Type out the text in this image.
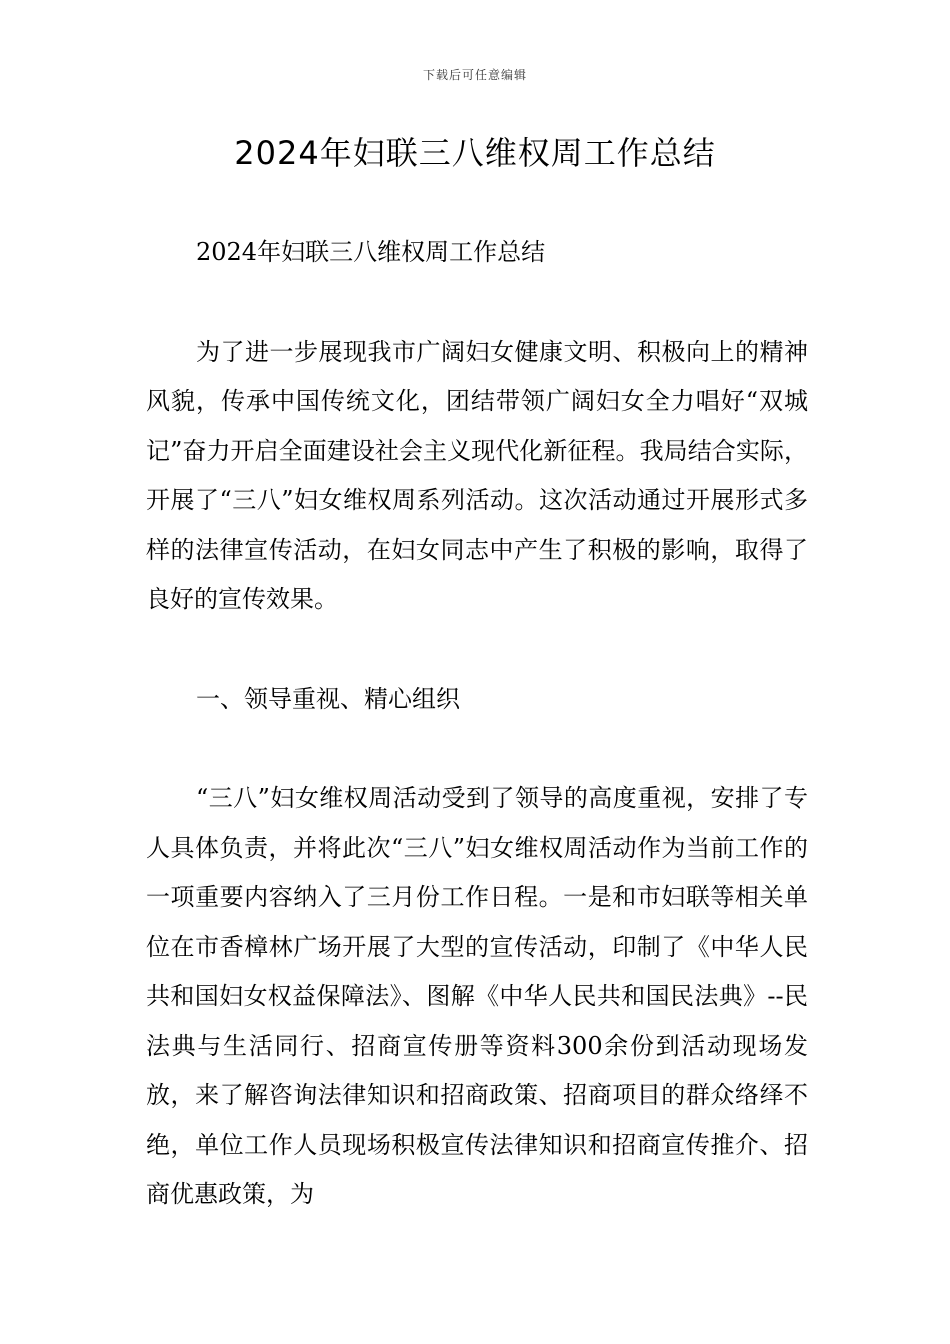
下载后可任意编辑
2024年妇联三八维权周工作总结

2024年妇联三八维权周工作总结

为了进一步展现我市广阔妇女健康文明、积极向上的精神风貌，传承中国传统文化，团结带领广阔妇女全力唱好“双城记”奋力开启全面建设社会主义现代化新征程。我局结合实际，开展了“三八”妇女维权周系列活动。这次活动通过开展形式多样的法律宣传活动，在妇女同志中产生了积极的影响，取得了良好的宣传效果。

一、领导重视、精心组织

“三八”妇女维权周活动受到了领导的高度重视，安排了专人具体负责，并将此次“三八”妇女维权周活动作为当前工作的一项重要内容纳入了三月份工作日程。一是和市妇联等相关单位在市香樟林广场开展了大型的宣传活动，印制了《中华人民共和国妇女权益保障法》、图解《中华人民共和国民法典》--民法典与生活同行、招商宣传册等资料300余份到活动现场发放，来了解咨询法律知识和招商政策、招商项目的群众络绎不绝，单位工作人员现场积极宣传法律知识和招商宣传推介、招商优惠政策，为
